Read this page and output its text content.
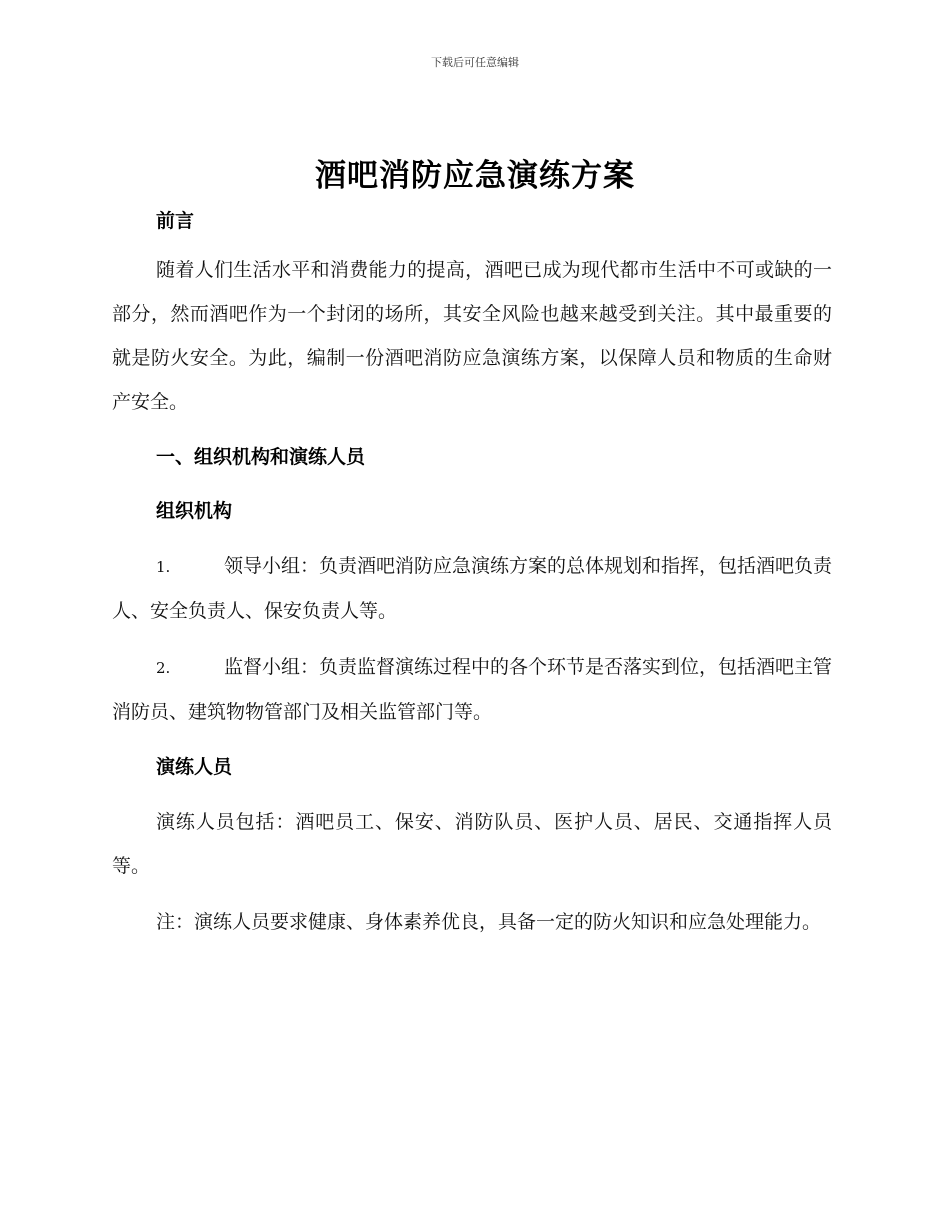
下载后可任意编辑
酒吧消防应急演练方案
前言

随着人们生活水平和消费能力的提高，酒吧已成为现代都市生活中不可或缺的一部分，然而酒吧作为一个封闭的场所，其安全风险也越来越受到关注。其中最重要的就是防火安全。为此，编制一份酒吧消防应急演练方案，以保障人员和物质的生命财产安全。

一、组织机构和演练人员
组织机构

1.	领导小组：负责酒吧消防应急演练方案的总体规划和指挥，包括酒吧负责人、安全负责人、保安负责人等。

2.	监督小组：负责监督演练过程中的各个环节是否落实到位，包括酒吧主管消防员、建筑物物管部门及相关监管部门等。

演练人员

演练人员包括：酒吧员工、保安、消防队员、医护人员、居民、交通指挥人员等。

注：演练人员要求健康、身体素养优良，具备一定的防火知识和应急处理能力。
